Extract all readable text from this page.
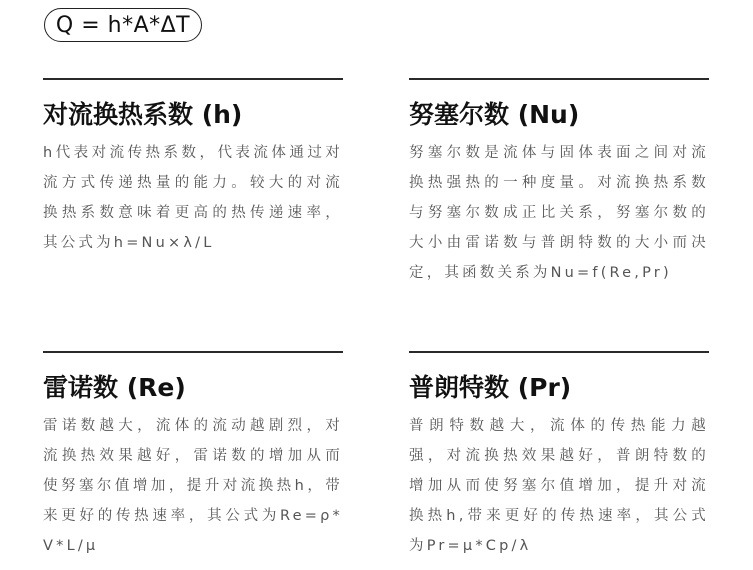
Q = h*A*ΔT
对流换热系数 (h)

h代表对流传热系数，代表流体通过对流方式传递热量的能力。较大的对流换热系数意味着更高的热传递速率，其公式为h=Nu×λ/L

努塞尔数 (Nu)

努塞尔数是流体与固体表面之间对流换热强热的一种度量。对流换热系数与努塞尔数成正比关系，努塞尔数的大小由雷诺数与普朗特数的大小而决定，其函数关系为Nu=f(Re,Pr)

雷诺数 (Re)

雷诺数越大，流体的流动越剧烈，对流换热效果越好，雷诺数的增加从而使努塞尔值增加，提升对流换热h，带来更好的传热速率，其公式为Re=ρ*V*L/μ

普朗特数 (Pr)

普朗特数越大，流体的传热能力越强，对流换热效果越好，普朗特数的增加从而使努塞尔值增加，提升对流换热h,带来更好的传热速率，其公式为Pr=μ*Cp/λ
